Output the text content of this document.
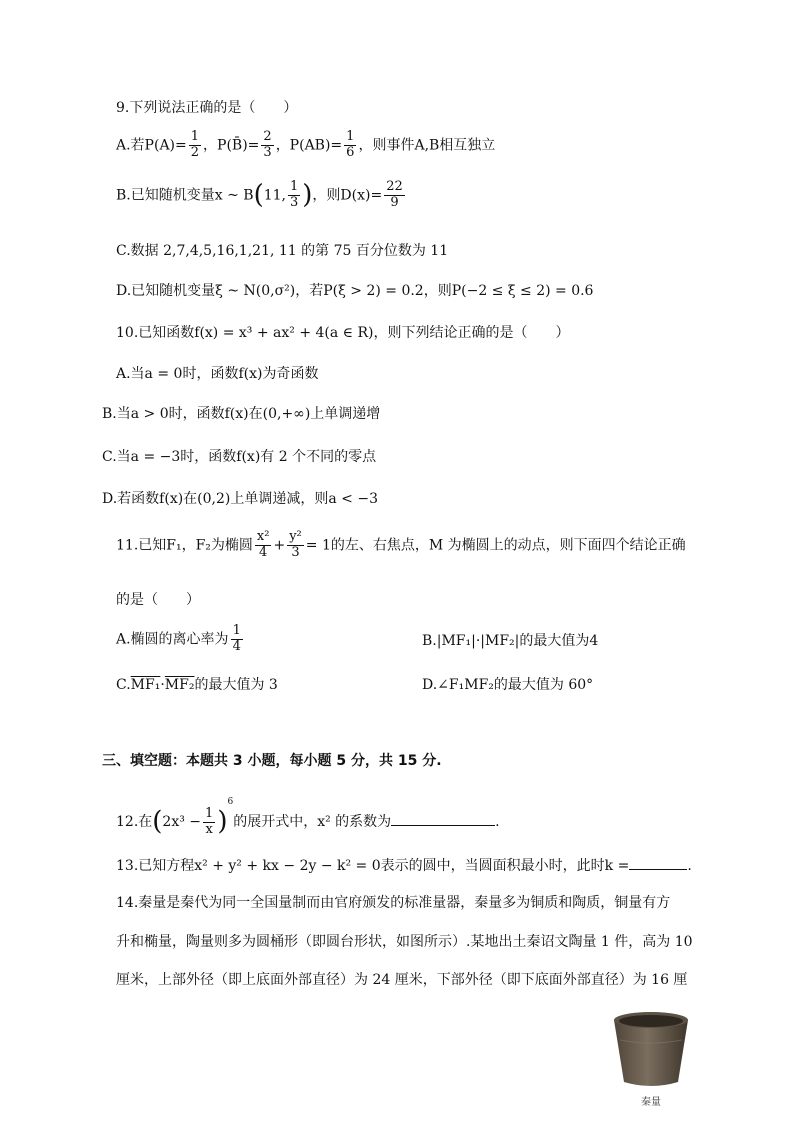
9.下列说法正确的是（　　）
A.若$P(A)= \frac{1}{2}$ ，P(B̄)= $\frac{2}{3}$ ，$P(AB)= \frac{1}{6}$ ，则事件A,B相互独立
B.已知随机变量x ~ B(11, $\frac{1}{3}$ )，则$D(x)= \frac{22}{9}$
C.数据 2,7,4,5,16,1,21, 11 的第 75 百分位数为 11
D.已知随机变量ξ ~ N(0,σ²)，若P(ξ > 2) = 0.2，则P(−2 ≤ ξ ≤ 2) = 0.6
10.已知函数f(x) = x³ + ax² + 4(a ∈ R)，则下列结论正确的是（　　）
A.当a = 0时，函数f(x)为奇函数
B.当a > 0时，函数f(x)在(0,+∞)上单调递增
C.当a = −3时，函数f(x)有 2 个不同的零点
D.若函数f(x)在(0,2)上单调递减，则a < −3
11.已知F₁，F₂为椭圆 $\frac{\text{x²}}{4} + \frac{\text{y²}}{3} = 1$的左、右焦点，M 为椭圆上的动点，则下面四个结论正确
的是（　　）
A.椭圆的离心率为 $\frac{1}{4}$	B.|MF₁|·|MF₂|的最大值为4
C.MF₁·MF₂的最大值为 3	D.∠F₁MF₂的最大值为 60°
三、填空题：本题共 3 小题，每小题 5 分，共 15 分.
12.在$(2x^3 - \frac{1}{x} )^6$的展开式中，x² 的系数为	.
13.已知方程x² + y² + kx − 2y − k² = 0表示的圆中，当圆面积最小时，此时k =	.
14.秦量是秦代为同一全国量制而由官府颁发的标准量器，秦量多为铜质和陶质，铜量有方
升和椭量，陶量则多为圆桶形（即圆台形状，如图所示）.某地出土秦诏文陶量 1 件，高为 10
厘米，上部外径（即上底面外部直径）为 24 厘米，下部外径（即下底面外部直径）为 16 厘
秦量
